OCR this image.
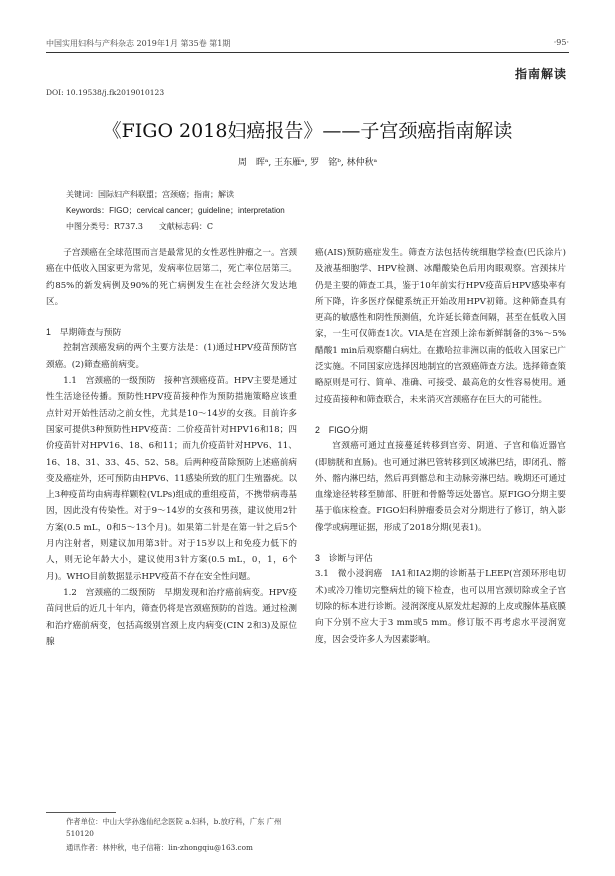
中国实用妇科与产科杂志 2019年1月 第35卷 第1期	·95·
指南解读
DOI: 10.19538/j.fk2019010123
《FIGO 2018妇癌报告》——子宫颈癌指南解读
周　晖ᵃ, 王东雁ᵃ, 罗　铭ᵇ, 林仲秋ᵃ
关键词：国际妇产科联盟；宫颈癌；指南；解读
Keywords：FIGO；cervical cancer；guideline；interpretation
中图分类号：R737.3　　文献标志码：C

子宫颈癌在全球范围而言是最常见的女性恶性肿瘤之一。宫颈癌在中低收入国家更为常见，发病率位居第二，死亡率位居第三。约85%的新发病例及90%的死亡病例发生在社会经济欠发达地区。

1　早期筛查与预防

控制宫颈癌发病的两个主要方法是：(1)通过HPV疫苗预防宫颈癌。(2)筛查癌前病变。

1.1　宫颈癌的一级预防　接种宫颈癌疫苗。HPV主要是通过性生活途径传播。预防性HPV疫苗接种作为预防措施策略应该重点针对开始性活动之前女性，尤其是10～14岁的女孩。目前许多国家可提供3种预防性HPV疫苗：二价疫苗针对HPV16和18；四价疫苗针对HPV16、18、6和11；而九价疫苗针对HPV6、11、16、18、31、33、45、52、58。后两种疫苗除预防上述癌前病变及癌症外，还可预防由HPV6、11感染所致的肛门生殖器疣。以上3种疫苗均由病毒样颗粒(VLPs)组成的重组疫苗，不携带病毒基因，因此没有传染性。对于9～14岁的女孩和男孩，建议使用2针方案(0.5 mL，0和5～13个月)。如果第二针是在第一针之后5个月内注射者，则建议加用第3针。对于15岁以上和免疫力低下的人，则无论年龄大小，建议使用3针方案(0.5 mL，0，1，6个月)。WHO目前数据显示HPV疫苗不存在安全性问题。

1.2　宫颈癌的二级预防　早期发现和治疗癌前病变。HPV疫苗问世后的近几十年内，筛查仍将是宫颈癌预防的首选。通过检测和治疗癌前病变，包括高级别宫颈上皮内病变(CIN 2和3)及原位腺

癌(AIS)预防癌症发生。筛查方法包括传统细胞学检查(巴氏涂片)及液基细胞学、HPV检测、冰醋酸染色后用肉眼观察。宫颈抹片仍是主要的筛查工具，鉴于10年前实行HPV疫苗后HPV感染率有所下降，许多医疗保健系统正开始改用HPV初筛。这种筛查具有更高的敏感性和阴性预测值，允许延长筛查间隔，甚至在低收入国家，一生可仅筛查1次。VIA是在宫颈上涂布新鲜制备的3%～5%醋酸1 min后观察醋白病灶。在撒哈拉非洲以南的低收入国家已广泛实施。不同国家应选择因地制宜的宫颈癌筛查方法。选择筛查策略原则是可行、简单、准确、可接受、最高危的女性容易使用。通过疫苗接种和筛查联合，未来消灭宫颈癌存在巨大的可能性。

2　FIGO分期

宫颈癌可通过直接蔓延转移到宫旁、阴道、子宫和临近器官(即膀胱和直肠)。也可通过淋巴管转移到区域淋巴结，即闭孔、髂外、髂内淋巴结，然后再到髂总和主动脉旁淋巴结。晚期还可通过血缘途径转移至肺部、肝脏和骨骼等远处器官。原FIGO分期主要基于临床检查。FIGO妇科肿瘤委员会对分期进行了修订，纳入影像学或病理证据，形成了2018分期(见表1)。

3　诊断与评估

3.1　微小浸润癌　ⅠA1和ⅠA2期的诊断基于LEEP(宫颈环形电切术)或冷刀锥切完整病灶的镜下检查，也可以用宫颈切除或全子宫切除的标本进行诊断。浸润深度从原发灶起源的上皮或腺体基底膜向下分别不应大于3 mm或5 mm。修订版不再考虑水平浸润宽度，因会受许多人为因素影响。

作者单位：中山大学孙逸仙纪念医院 a.妇科，b.放疗科，广东 广州 510120
通讯作者：林仲秋，电子信箱：lin-zhongqiu@163.com
